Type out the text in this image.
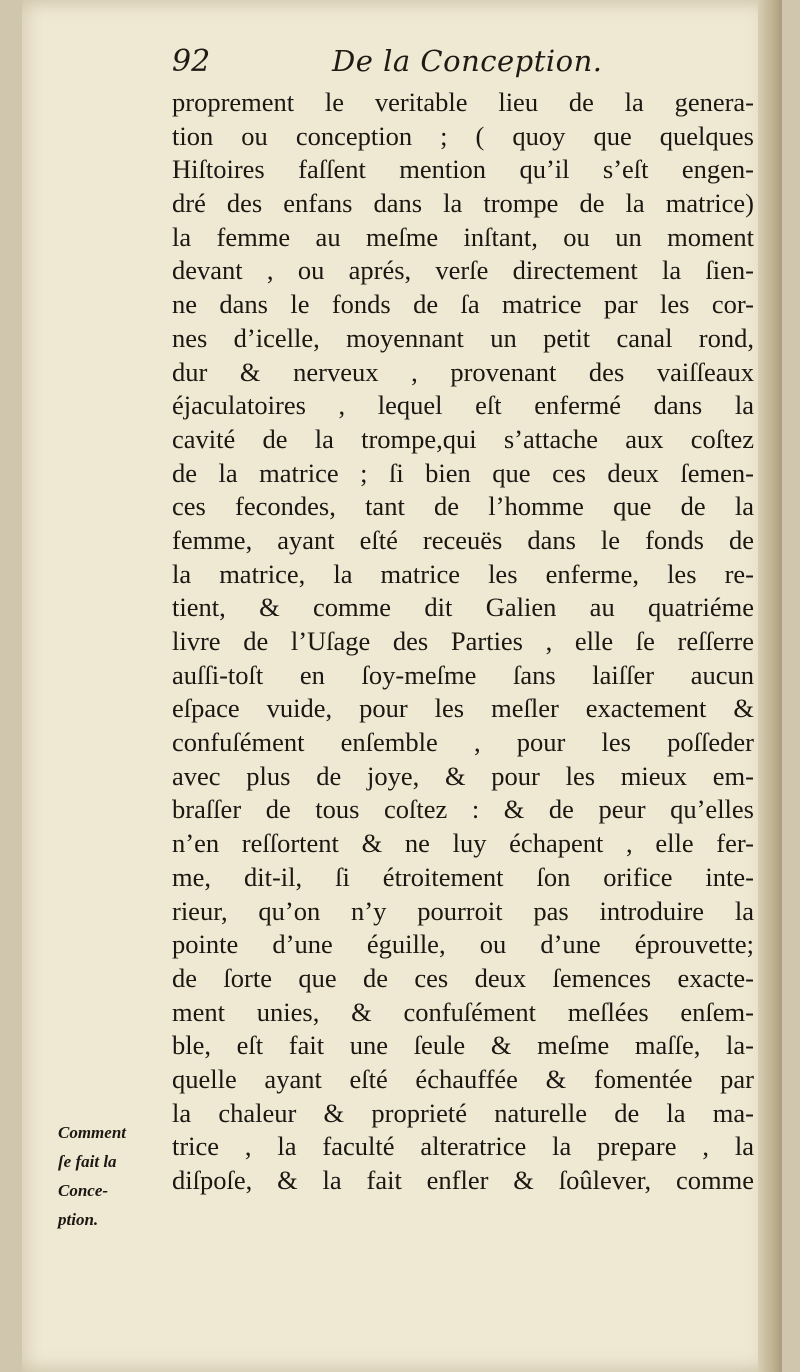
92	De la Conception.
proprement le veritable lieu de la genera-
tion ou conception ; ( quoy que quelques
Hiſtoires faſſent mention qu’il s’eſt engen-
dré des enfans dans la trompe de la matrice)
la femme au meſme inſtant, ou un moment
devant , ou aprés, verſe directement la ſien-
ne dans le fonds de ſa matrice par les cor-
nes d’icelle, moyennant un petit canal rond,
dur & nerveux , provenant des vaiſſeaux
éjaculatoires , lequel eſt enfermé dans la
cavité de la trompe,qui s’attache aux coſtez
de la matrice ; ſi bien que ces deux ſemen-
ces fecondes, tant de l’homme que de la
femme, ayant eſté receuës dans le fonds de
la matrice, la matrice les enferme, les re-
tient, & comme dit Galien au quatriéme
livre de l’Uſage des Parties , elle ſe reſſerre
auſſi-toſt en ſoy-meſme ſans laiſſer aucun
eſpace vuide, pour les meſler exactement &
confuſément enſemble , pour les poſſeder
avec plus de joye, & pour les mieux em-
braſſer de tous coſtez : & de peur qu’elles
n’en reſſortent & ne luy échapent , elle fer-
me, dit-il, ſi étroitement ſon orifice inte-
rieur, qu’on n’y pourroit pas introduire la
pointe d’une éguille, ou d’une éprouvette;
de ſorte que de ces deux ſemences exacte-
ment unies, & confuſément meſlées enſem-
ble, eſt fait une ſeule & meſme maſſe, la-
quelle ayant eſté échauffée & fomentée par
la chaleur & proprieté naturelle de la ma-
trice , la faculté alteratrice la prepare , la
diſpoſe, & la fait enfler & ſoûlever, comme
Comment
ſe fait la
Conce-
ption.
